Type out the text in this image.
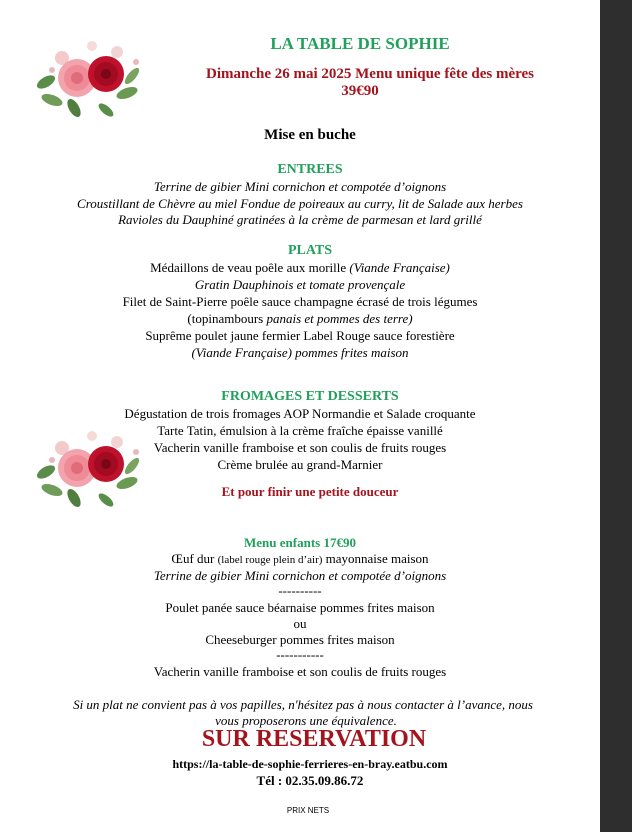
LA TABLE DE SOPHIE
Dimanche 26 mai 2025 Menu unique fête des mères
39€90
Mise en buche
ENTREES
Terrine de gibier Mini cornichon et compotée d’oignons
Croustillant de Chèvre au miel Fondue de poireaux au curry, lit de Salade aux herbes
Ravioles du Dauphiné gratinées à la crème de parmesan et lard grillé
PLATS
Médaillons de veau poêle aux morille (Viande Française)
Gratin Dauphinois et tomate provençale
Filet de Saint-Pierre poêle sauce champagne écrasé de trois légumes
(topinambours panais et pommes des terre)
Suprême poulet jaune fermier Label Rouge sauce forestière
(Viande Française) pommes frites maison
FROMAGES ET DESSERTS
Dégustation de trois fromages AOP Normandie et Salade croquante
Tarte Tatin, émulsion à la crème fraîche épaisse vanillé
Vacherin vanille framboise et son coulis de fruits rouges
Crème brulée au grand-Marnier
Et pour finir une petite douceur
Menu enfants 17€90
Œuf dur (label rouge plein d’air) mayonnaise maison
Terrine de gibier Mini cornichon et compotée d’oignons
----------
Poulet panée sauce béarnaise pommes frites maison
ou
Cheeseburger pommes frites maison
-----------
Vacherin vanille framboise et son coulis de fruits rouges
Si un plat ne convient pas à vos papilles, n'hésitez pas à nous contacter à l’avance, nous
vous proposerons une équivalence.
SUR RESERVATION
https://la-table-de-sophie-ferrieres-en-bray.eatbu.com
Tél : 02.35.09.86.72
PRIX NETS
